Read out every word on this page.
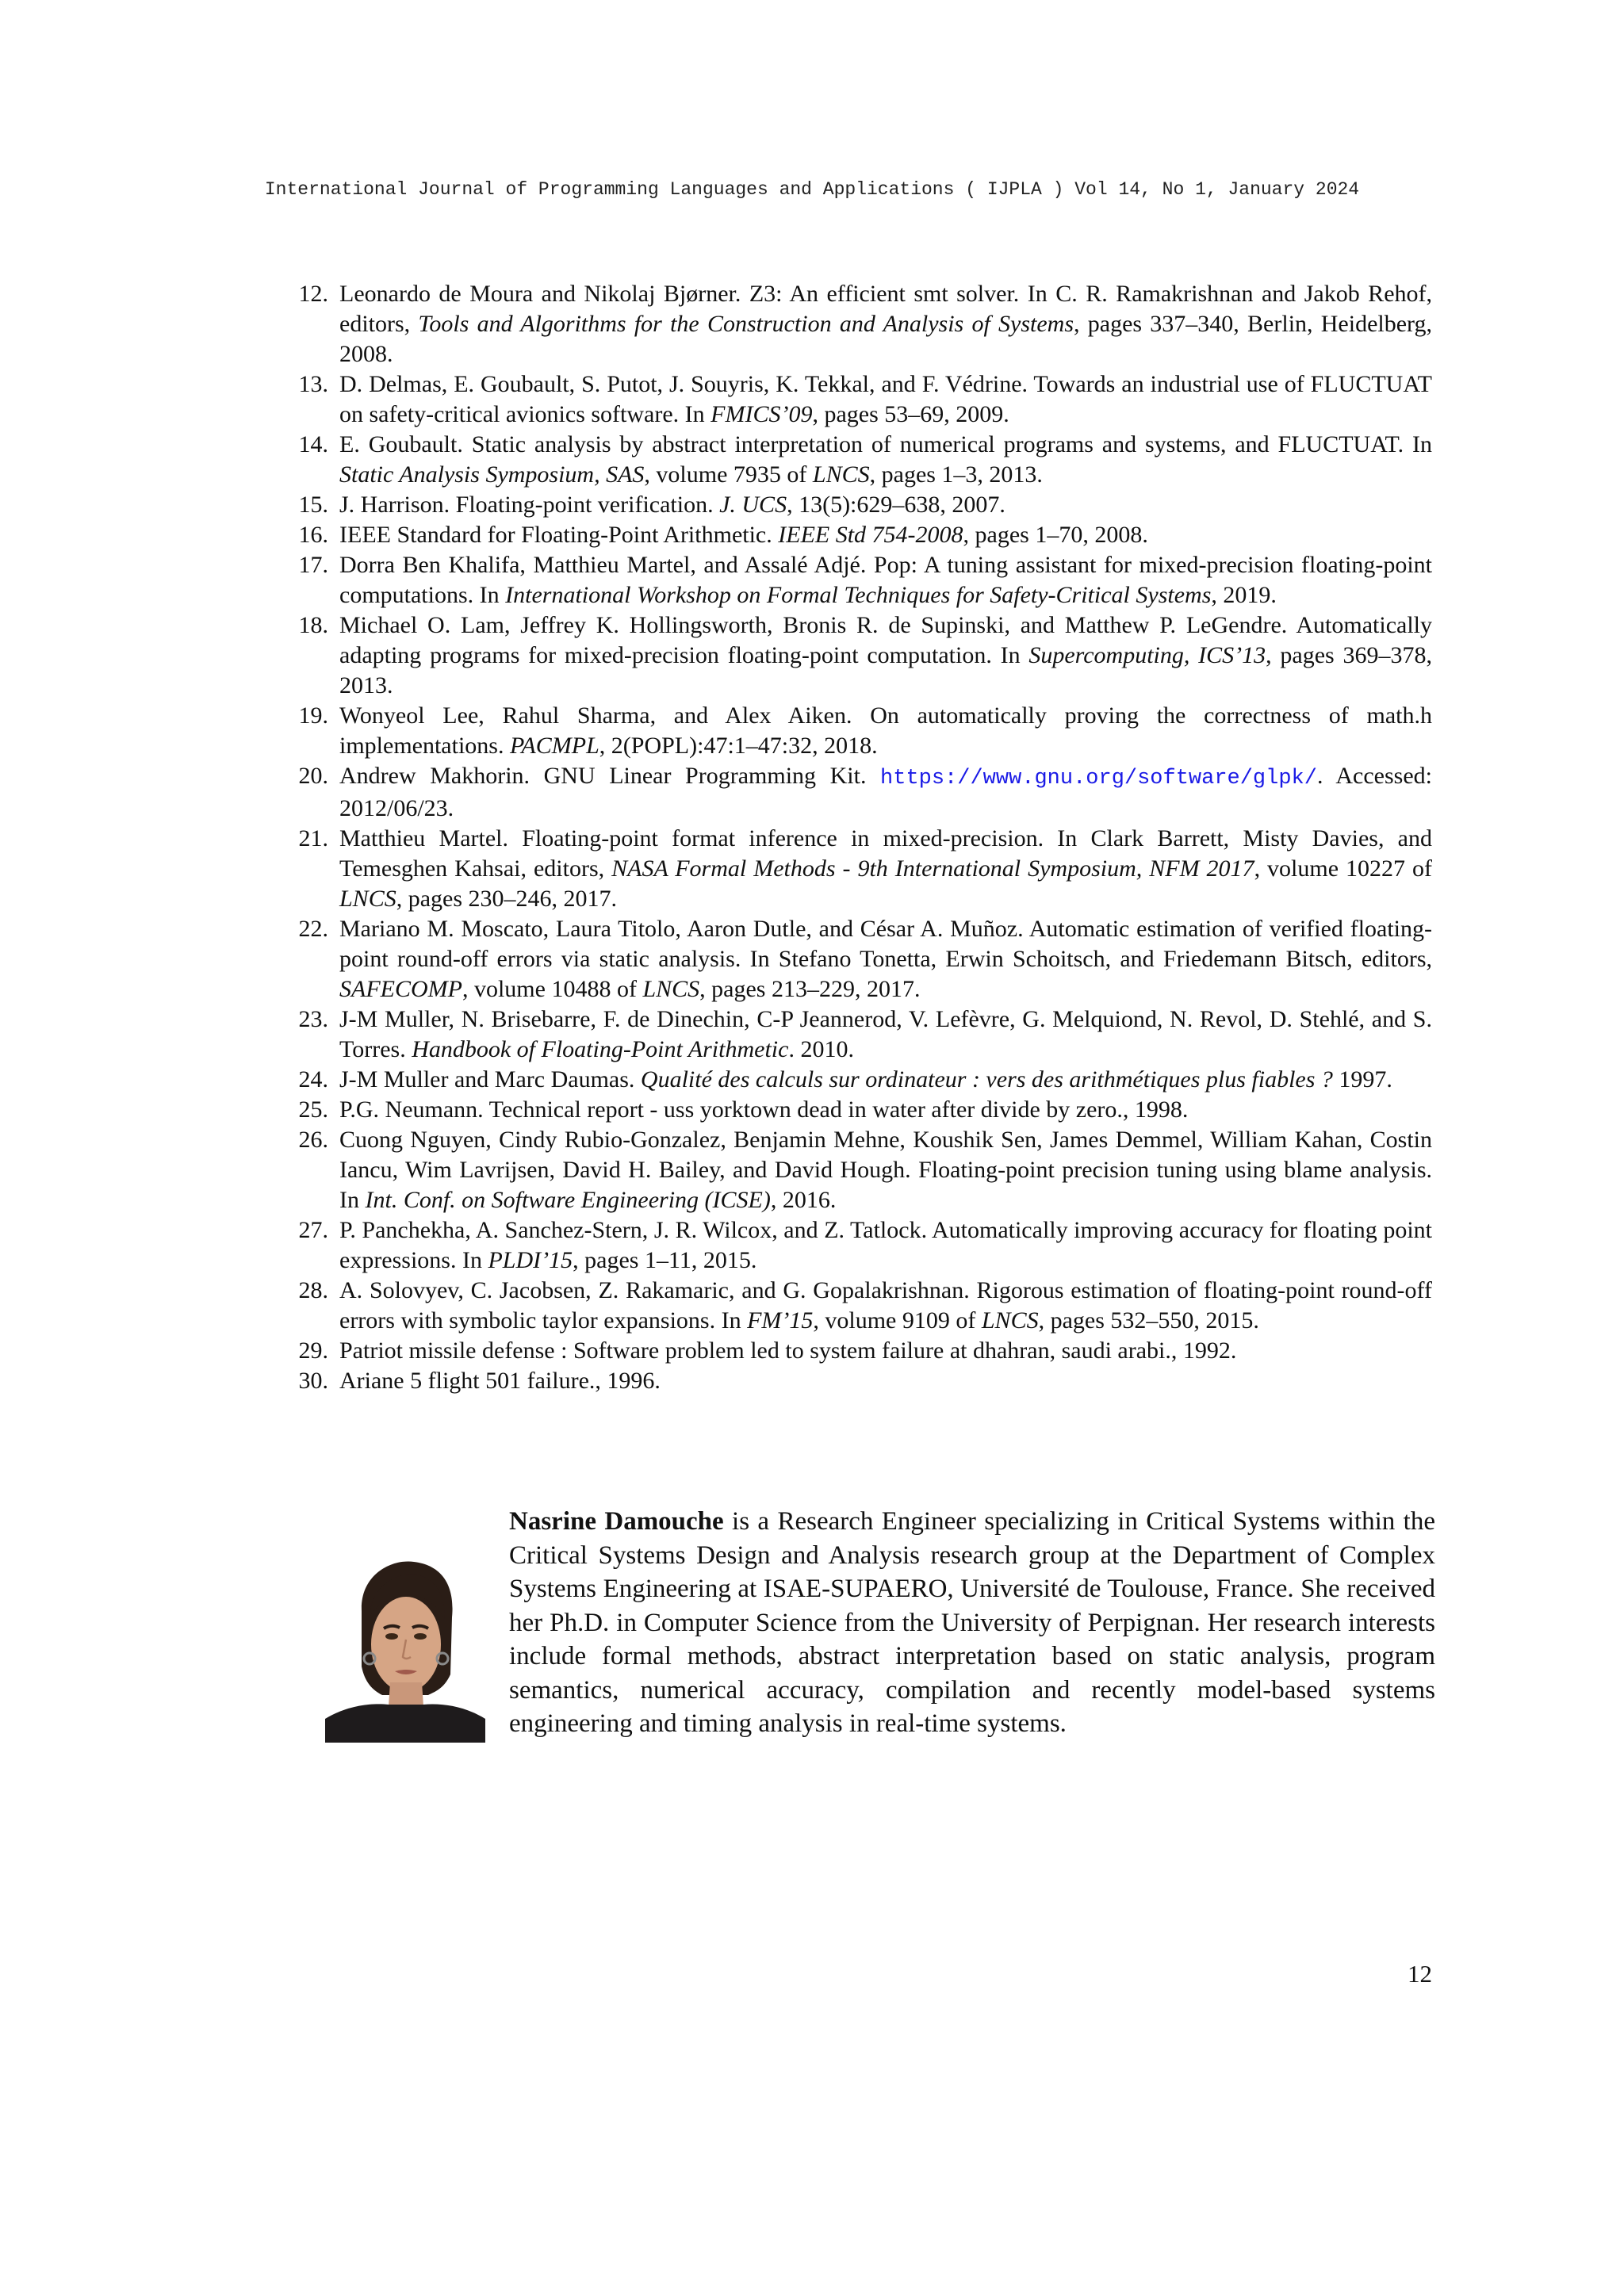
International Journal of Programming Languages and Applications ( IJPLA ) Vol 14, No 1, January 2024
12. Leonardo de Moura and Nikolaj Bjørner. Z3: An efficient smt solver. In C. R. Ramakrishnan and Jakob Rehof, editors, Tools and Algorithms for the Construction and Analysis of Systems, pages 337–340, Berlin, Heidelberg, 2008.
13. D. Delmas, E. Goubault, S. Putot, J. Souyris, K. Tekkal, and F. Védrine. Towards an industrial use of FLUCTUAT on safety-critical avionics software. In FMICS’09, pages 53–69, 2009.
14. E. Goubault. Static analysis by abstract interpretation of numerical programs and systems, and FLUCTUAT. In Static Analysis Symposium, SAS, volume 7935 of LNCS, pages 1–3, 2013.
15. J. Harrison. Floating-point verification. J. UCS, 13(5):629–638, 2007.
16. IEEE Standard for Floating-Point Arithmetic. IEEE Std 754-2008, pages 1–70, 2008.
17. Dorra Ben Khalifa, Matthieu Martel, and Assalé Adjé. Pop: A tuning assistant for mixed-precision floating-point computations. In International Workshop on Formal Techniques for Safety-Critical Systems, 2019.
18. Michael O. Lam, Jeffrey K. Hollingsworth, Bronis R. de Supinski, and Matthew P. LeGendre. Automatically adapting programs for mixed-precision floating-point computation. In Supercomputing, ICS’13, pages 369–378, 2013.
19. Wonyeol Lee, Rahul Sharma, and Alex Aiken. On automatically proving the correctness of math.h implementations. PACMPL, 2(POPL):47:1–47:32, 2018.
20. Andrew Makhorin. GNU Linear Programming Kit. https://www.gnu.org/software/glpk/. Accessed: 2012/06/23.
21. Matthieu Martel. Floating-point format inference in mixed-precision. In Clark Barrett, Misty Davies, and Temesghen Kahsai, editors, NASA Formal Methods - 9th International Symposium, NFM 2017, volume 10227 of LNCS, pages 230–246, 2017.
22. Mariano M. Moscato, Laura Titolo, Aaron Dutle, and César A. Muñoz. Automatic estimation of verified floating-point round-off errors via static analysis. In Stefano Tonetta, Erwin Schoitsch, and Friedemann Bitsch, editors, SAFECOMP, volume 10488 of LNCS, pages 213–229, 2017.
23. J-M Muller, N. Brisebarre, F. de Dinechin, C-P Jeannerod, V. Lefèvre, G. Melquiond, N. Revol, D. Stehlé, and S. Torres. Handbook of Floating-Point Arithmetic. 2010.
24. J-M Muller and Marc Daumas. Qualité des calculs sur ordinateur : vers des arithmétiques plus fiables ? 1997.
25. P.G. Neumann. Technical report - uss yorktown dead in water after divide by zero., 1998.
26. Cuong Nguyen, Cindy Rubio-Gonzalez, Benjamin Mehne, Koushik Sen, James Demmel, William Kahan, Costin Iancu, Wim Lavrijsen, David H. Bailey, and David Hough. Floating-point precision tuning using blame analysis. In Int. Conf. on Software Engineering (ICSE), 2016.
27. P. Panchekha, A. Sanchez-Stern, J. R. Wilcox, and Z. Tatlock. Automatically improving accuracy for floating point expressions. In PLDI’15, pages 1–11, 2015.
28. A. Solovyev, C. Jacobsen, Z. Rakamaric, and G. Gopalakrishnan. Rigorous estimation of floating-point round-off errors with symbolic taylor expansions. In FM’15, volume 9109 of LNCS, pages 532–550, 2015.
29. Patriot missile defense : Software problem led to system failure at dhahran, saudi arabi., 1992.
30. Ariane 5 flight 501 failure., 1996.

Nasrine Damouche is a Research Engineer specializing in Critical Systems within the Critical Systems Design and Analysis research group at the Department of Complex Systems Engineering at ISAE-SUPAERO, Université de Toulouse, France. She received her Ph.D. in Computer Science from the University of Perpignan. Her research interests include formal methods, abstract interpretation based on static analysis, program semantics, numerical accuracy, compilation and recently model-based systems engineering and timing analysis in real-time systems.

12
